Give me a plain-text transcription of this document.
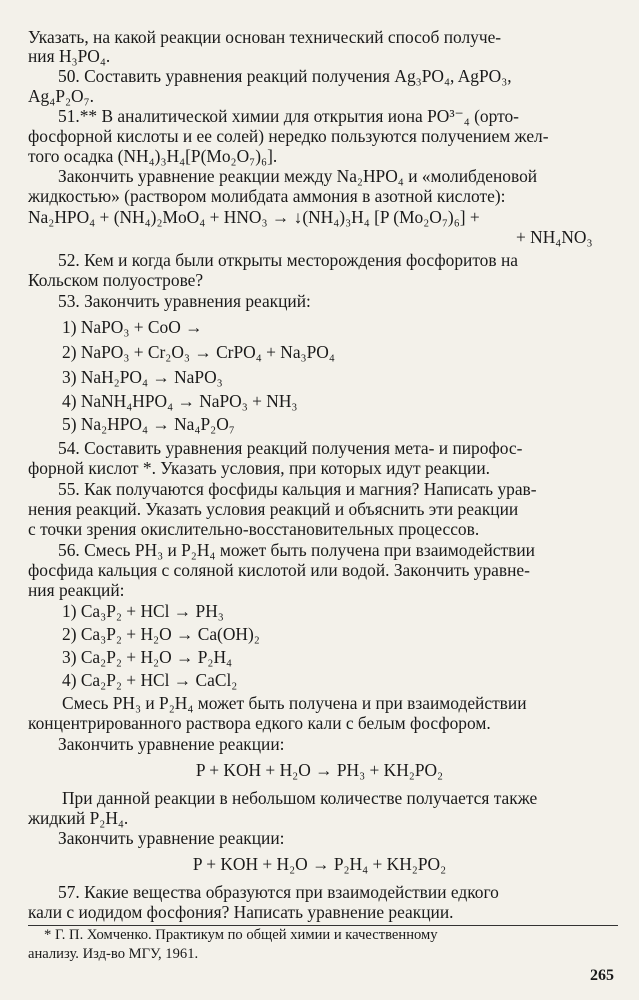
Указать, на какой реакции основан технический способ получе-
ния H₃PO₄.
50. Составить уравнения реакций получения Ag₃PO₄, AgPO₃,
Ag₄P₂O₇.
51.** В аналитической химии для открытия иона PO³⁻₄ (орто-
фосфорной кислоты и ее солей) нередко пользуются получением жел-
того осадка (NH₄)₃H₄[P(Mo₂O₇)₆].
Закончить уравнение реакции между Na₂HPO₄ и «молибденовой
жидкостью» (раствором молибдата аммония в азотной кислоте):
Na₂HPO₄ + (NH₄)₂MoO₄ + HNO₃ → ↓(NH₄)₃H₄ [P (Mo₂O₇)₆] +
+ NH₄NO₃
52. Кем и когда были открыты месторождения фосфоритов на
Кольском полуострове?
53. Закончить уравнения реакций:
1) NaPO₃ + CoO →
2) NaPO₃ + Cr₂O₃ → CrPO₄ + Na₃PO₄
3) NaH₂PO₄ → NaPO₃
4) NaNH₄HPO₄ → NaPO₃ + NH₃
5) Na₂HPO₄ → Na₄P₂O₇
54. Составить уравнения реакций получения мета- и пирофос-
форной кислот *. Указать условия, при которых идут реакции.
55. Как получаются фосфиды кальция и магния? Написать урав-
нения реакций. Указать условия реакций и объяснить эти реакции
с точки зрения окислительно-восстановительных процессов.
56. Смесь PH₃ и P₂H₄ может быть получена при взаимодействии
фосфида кальция с соляной кислотой или водой. Закончить уравне-
ния реакций:
1) Ca₃P₂ + HCl → PH₃
2) Ca₃P₂ + H₂O → Ca(OH)₂
3) Ca₂P₂ + H₂O → P₂H₄
4) Ca₂P₂ + HCl → CaCl₂
Смесь PH₃ и P₂H₄ может быть получена и при взаимодействии
концентрированного раствора едкого кали с белым фосфором.
Закончить уравнение реакции:
P + KOH + H₂O → PH₃ + KH₂PO₂
При данной реакции в небольшом количестве получается также
жидкий P₂H₄.
Закончить уравнение реакции:
P + KOH + H₂O → P₂H₄ + KH₂PO₂
57. Какие вещества образуются при взаимодействии едкого
кали с иодидом фосфония? Написать уравнение реакции.
* Г. П. Хомченко. Практикум по общей химии и качественному
анализу. Изд-во МГУ, 1961.
265
